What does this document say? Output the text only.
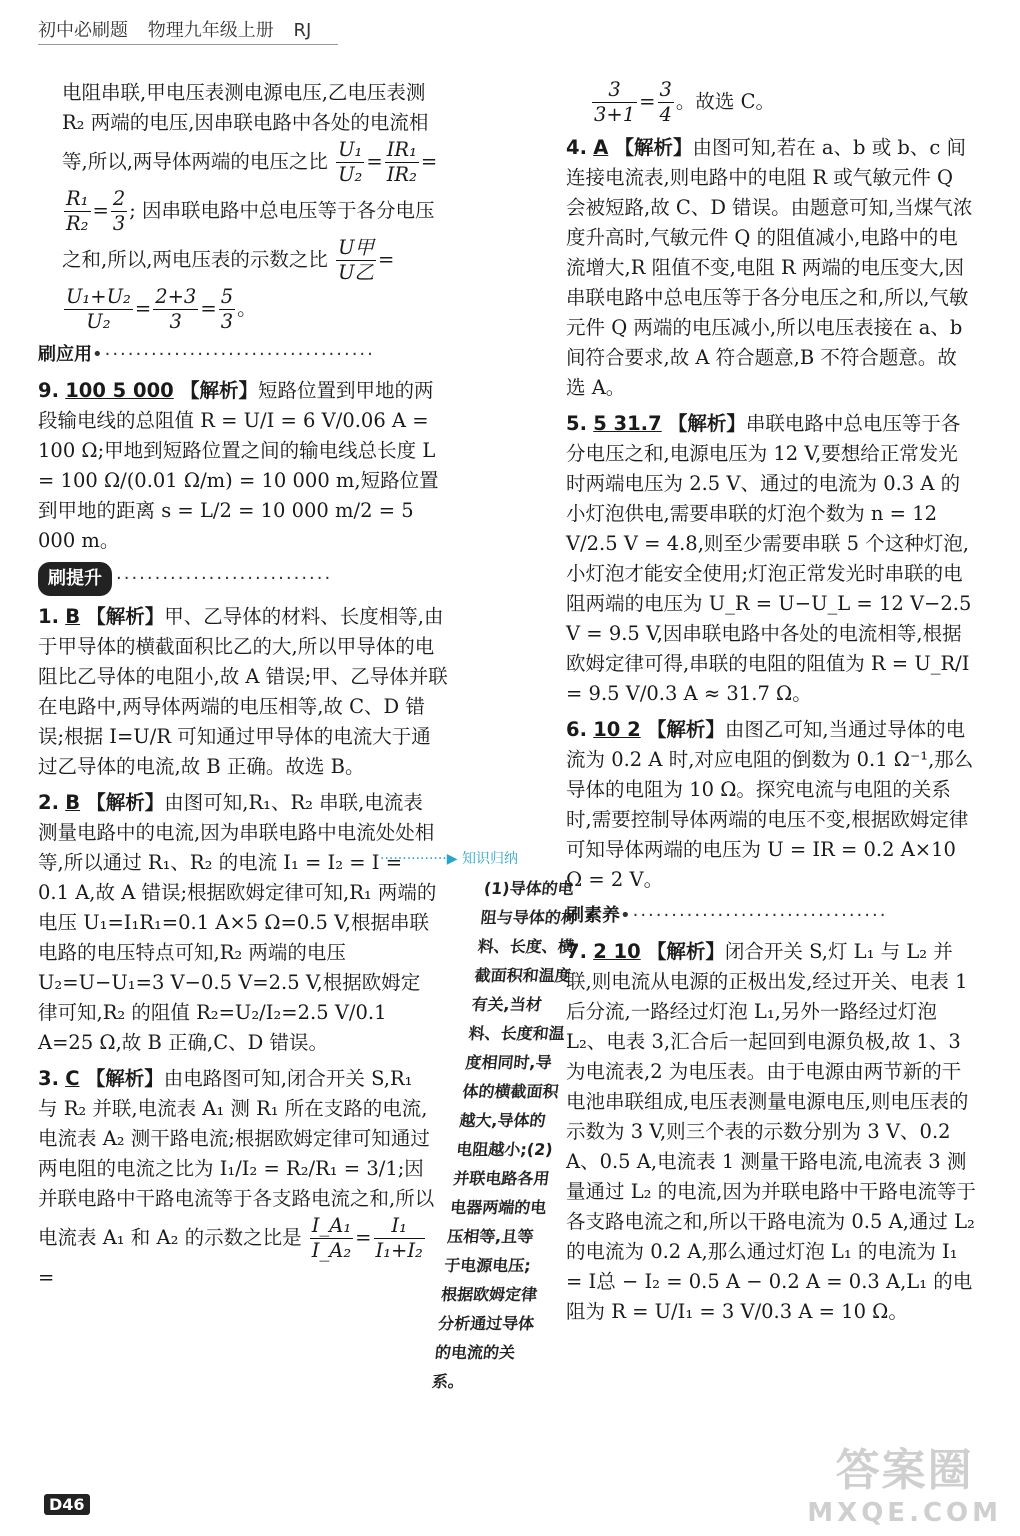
初中必刷题 物理九年级上册 RJ

电阻串联,甲电压表测电源电压,乙电压表测 R₂ 两端的电压,因串联电路中各处的电流相等,所以,两导体两端的电压之比 $\frac{\text{U₁}}{\text{U₂}} = \frac{\text{IR₁}}{\text{IR₂}}$ =
$\frac{\text{R₁}}{\text{R₂}} = \frac{2}{3}$ ; 因串联电路中总电压等于各分电压之和,所以,两电压表的示数之比 $\frac{\text{U甲}}{\text{U乙}}$ =
$\frac{\text{U₁+U₂}}{\text{U₂}} = \frac{2+3}{3} = \frac{5}{3}$ 。

刷应用•···································

9. 100 5 000 【解析】短路位置到甲地的两段输电线的总阻值 R = U/I = 6 V/0.06 A = 100 Ω;甲地到短路位置之间的输电线总长度 L = 100 Ω/(0.01 Ω/m) = 10 000 m,短路位置到甲地的距离 s = L/2 = 10 000 m/2 = 5 000 m。

刷提升 ····························

1. B 【解析】甲、乙导体的材料、长度相等,由于甲导体的横截面积比乙的大,所以甲导体的电阻比乙导体的电阻小,故 A 错误;甲、乙导体并联在电路中,两导体两端的电压相等,故 C、D 错误;根据 I=U/R 可知通过甲导体的电流大于通过乙导体的电流,故 B 正确。故选 B。

2. B 【解析】由图可知,R₁、R₂ 串联,电流表测量电路中的电流,因为串联电路中电流处处相等,所以通过 R₁、R₂ 的电流 I₁ = I₂ = I = 0.1 A,故 A 错误;根据欧姆定律可知,R₁ 两端的电压 U₁=I₁R₁=0.1 A×5 Ω=0.5 V,根据串联电路的电压特点可知,R₂ 两端的电压 U₂=U−U₁=3 V−0.5 V=2.5 V,根据欧姆定律可知,R₂ 的阻值 R₂=U₂/I₂=2.5 V/0.1 A=25 Ω,故 B 正确,C、D 错误。

3. C 【解析】由电路图可知,闭合开关 S,R₁ 与 R₂ 并联,电流表 A₁ 测 R₁ 所在支路的电流,电流表 A₂ 测干路电流;根据欧姆定律可知通过两电阻的电流之比为 I₁/I₂ = R₂/R₁ = 3/1;因并联电路中干路电流等于各支路电流之和,所以电流表 A₁ 和 A₂ 的示数之比是 $\frac{\text{I\_A₁}}{\text{I\_A₂}} = \frac{\text{I₁}}{\text{I₁+I₂}}$
=

···············▶ 知识归纳
(1)导体的电阻与导体的材料、长度、横截面积和温度有关,当材料、长度和温度相同时,导体的横截面积越大,导体的电阻越小;(2)并联电路各用电器两端的电压相等,且等于电源电压;根据欧姆定律分析通过导体的电流的关系。

$\frac{3}{3+1} = \frac{3}{4}$ 。故选 C。

4. A 【解析】由图可知,若在 a、b 或 b、c 间连接电流表,则电路中的电阻 R 或气敏元件 Q 会被短路,故 C、D 错误。由题意可知,当煤气浓度升高时,气敏元件 Q 的阻值减小,电路中的电流增大,R 阻值不变,电阻 R 两端的电压变大,因串联电路中总电压等于各分电压之和,所以,气敏元件 Q 两端的电压减小,所以电压表接在 a、b 间符合要求,故 A 符合题意,B 不符合题意。故选 A。

5. 5 31.7 【解析】串联电路中总电压等于各分电压之和,电源电压为 12 V,要想给正常发光时两端电压为 2.5 V、通过的电流为 0.3 A 的小灯泡供电,需要串联的灯泡个数为 n = 12 V/2.5 V = 4.8,则至少需要串联 5 个这种灯泡,小灯泡才能安全使用;灯泡正常发光时串联的电阻两端的电压为 U_R = U−U_L = 12 V−2.5 V = 9.5 V,因串联电路中各处的电流相等,根据欧姆定律可得,串联的电阻的阻值为 R = U_R/I = 9.5 V/0.3 A ≈ 31.7 Ω。

6. 10 2 【解析】由图乙可知,当通过导体的电流为 0.2 A 时,对应电阻的倒数为 0.1 Ω⁻¹,那么导体的电阻为 10 Ω。探究电流与电阻的关系时,需要控制导体两端的电压不变,根据欧姆定律可知导体两端的电压为 U = IR = 0.2 A×10 Ω = 2 V。

刷素养•·································

7. 2 10 【解析】闭合开关 S,灯 L₁ 与 L₂ 并联,则电流从电源的正极出发,经过开关、电表 1 后分流,一路经过灯泡 L₁,另外一路经过灯泡 L₂、电表 3,汇合后一起回到电源负极,故 1、3 为电流表,2 为电压表。由于电源由两节新的干电池串联组成,电压表测量电源电压,则电压表的示数为 3 V,则三个表的示数分别为 3 V、0.2 A、0.5 A,电流表 1 测量干路电流,电流表 3 测量通过 L₂ 的电流,因为并联电路中干路电流等于各支路电流之和,所以干路电流为 0.5 A,通过 L₂ 的电流为 0.2 A,那么通过灯泡 L₁ 的电流为 I₁ = I总 − I₂ = 0.5 A − 0.2 A = 0.3 A,L₁ 的电阻为 R = U/I₁ = 3 V/0.3 A = 10 Ω。

D46
答案圈
MXQE.COM
